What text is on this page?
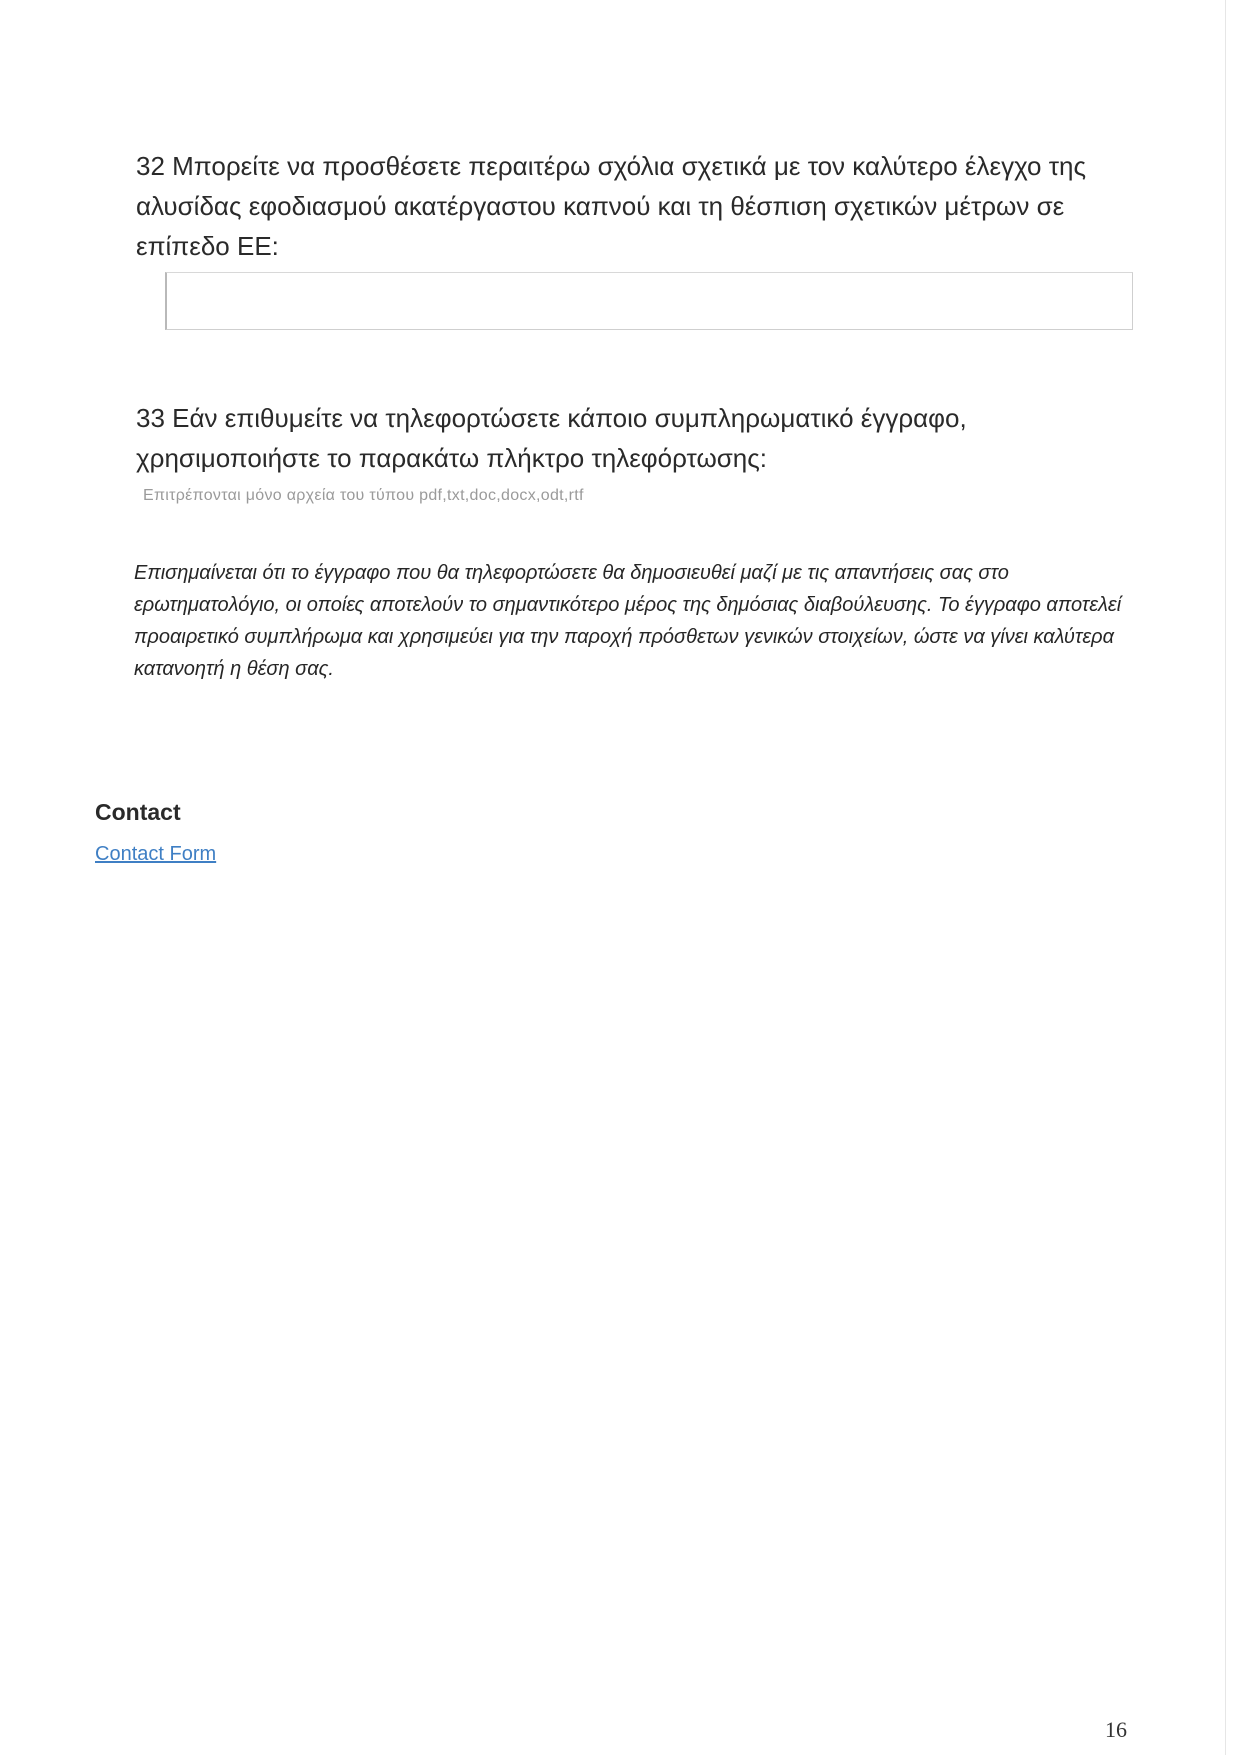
32 Μπορείτε να προσθέσετε περαιτέρω σχόλια σχετικά με τον καλύτερο έλεγχο της αλυσίδας εφοδιασμού ακατέργαστου καπνού και τη θέσπιση σχετικών μέτρων σε επίπεδο ΕΕ:

33 Εάν επιθυμείτε να τηλεφορτώσετε κάποιο συμπληρωματικό έγγραφο, χρησιμοποιήστε το παρακάτω πλήκτρο τηλεφόρτωσης:

Επιτρέπονται μόνο αρχεία του τύπου pdf,txt,doc,docx,odt,rtf

Επισημαίνεται ότι το έγγραφο που θα τηλεφορτώσετε θα δημοσιευθεί μαζί με τις απαντήσεις σας στο ερωτηματολόγιο, οι οποίες αποτελούν το σημαντικότερο μέρος της δημόσιας διαβούλευσης. Το έγγραφο αποτελεί προαιρετικό συμπλήρωμα και χρησιμεύει για την παροχή πρόσθετων γενικών στοιχείων, ώστε να γίνει καλύτερα κατανοητή η θέση σας.

Contact
Contact Form

16
